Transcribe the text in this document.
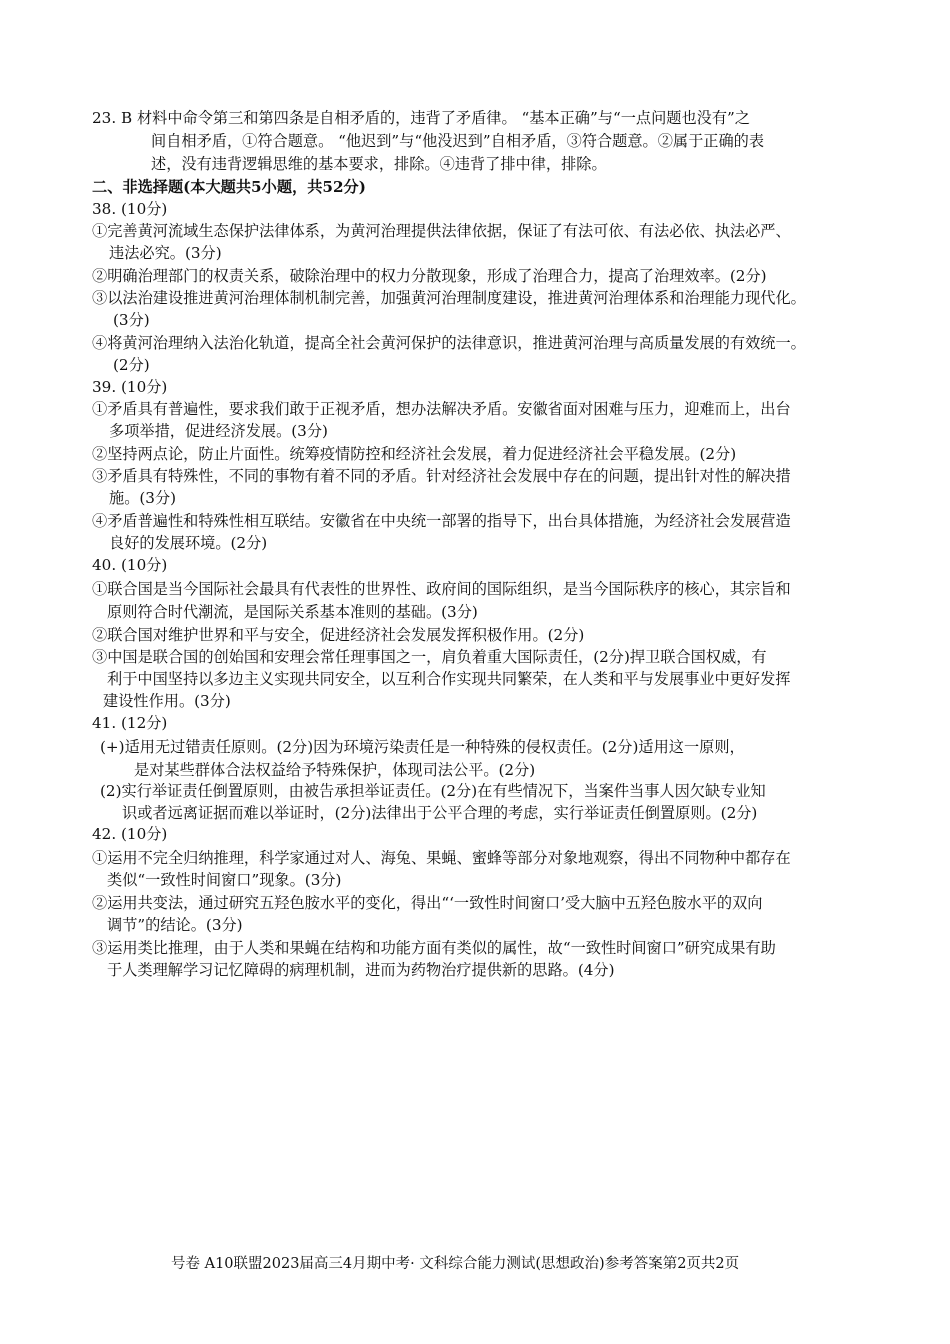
23. B 材料中命令第三和第四条是自相矛盾的，违背了矛盾律。 “基本正确”与“一点问题也没有”之
间自相矛盾，①符合题意。 “他迟到”与“他没迟到”自相矛盾，③符合题意。②属于正确的表
述，没有违背逻辑思维的基本要求，排除。④违背了排中律，排除。
二、非选择题(本大题共5小题，共52分)
38. (10分)
①完善黄河流域生态保护法律体系，为黄河治理提供法律依据，保证了有法可依、有法必依、执法必严、
违法必究。(3分)
②明确治理部门的权责关系，破除治理中的权力分散现象，形成了治理合力，提高了治理效率。(2分)
③以法治建设推进黄河治理体制机制完善，加强黄河治理制度建设，推进黄河治理体系和治理能力现代化。
(3分)
④将黄河治理纳入法治化轨道，提高全社会黄河保护的法律意识，推进黄河治理与高质量发展的有效统一。
(2分)
39. (10分)
①矛盾具有普遍性，要求我们敢于正视矛盾，想办法解决矛盾。安徽省面对困难与压力，迎难而上，出台
多项举措，促进经济发展。(3分)
②坚持两点论，防止片面性。统筹疫情防控和经济社会发展，着力促进经济社会平稳发展。(2分)
③矛盾具有特殊性，不同的事物有着不同的矛盾。针对经济社会发展中存在的问题，提出针对性的解决措
施。(3分)
④矛盾普遍性和特殊性相互联结。安徽省在中央统一部署的指导下，出台具体措施，为经济社会发展营造
良好的发展环境。(2分)
40. (10分)
①联合国是当今国际社会最具有代表性的世界性、政府间的国际组织，是当今国际秩序的核心，其宗旨和
原则符合时代潮流，是国际关系基本准则的基础。(3分)
②联合国对维护世界和平与安全，促进经济社会发展发挥积极作用。(2分)
③中国是联合国的创始国和安理会常任理事国之一，肩负着重大国际责任，(2分)捍卫联合国权威，有
利于中国坚持以多边主义实现共同安全，以互利合作实现共同繁荣，在人类和平与发展事业中更好发挥
建设性作用。(3分)
41. (12分)
(+)适用无过错责任原则。(2分)因为环境污染责任是一种特殊的侵权责任。(2分)适用这一原则，
是对某些群体合法权益给予特殊保护，体现司法公平。(2分)
(2)实行举证责任倒置原则，由被告承担举证责任。(2分)在有些情况下，当案件当事人因欠缺专业知
识或者远离证据而难以举证时，(2分)法律出于公平合理的考虑，实行举证责任倒置原则。(2分)
42. (10分)
①运用不完全归纳推理，科学家通过对人、海兔、果蝇、蜜蜂等部分对象地观察，得出不同物种中都存在
类似“一致性时间窗口”现象。(3分)
②运用共变法，通过研究五羟色胺水平的变化，得出“‘一致性时间窗口’受大脑中五羟色胺水平的双向
调节”的结论。(3分)
③运用类比推理，由于人类和果蝇在结构和功能方面有类似的属性，故“一致性时间窗口”研究成果有助
于人类理解学习记忆障碍的病理机制，进而为药物治疗提供新的思路。(4分)
号卷 A10联盟2023届高三4月期中考· 文科综合能力测试(思想政治)参考答案第2页共2页
